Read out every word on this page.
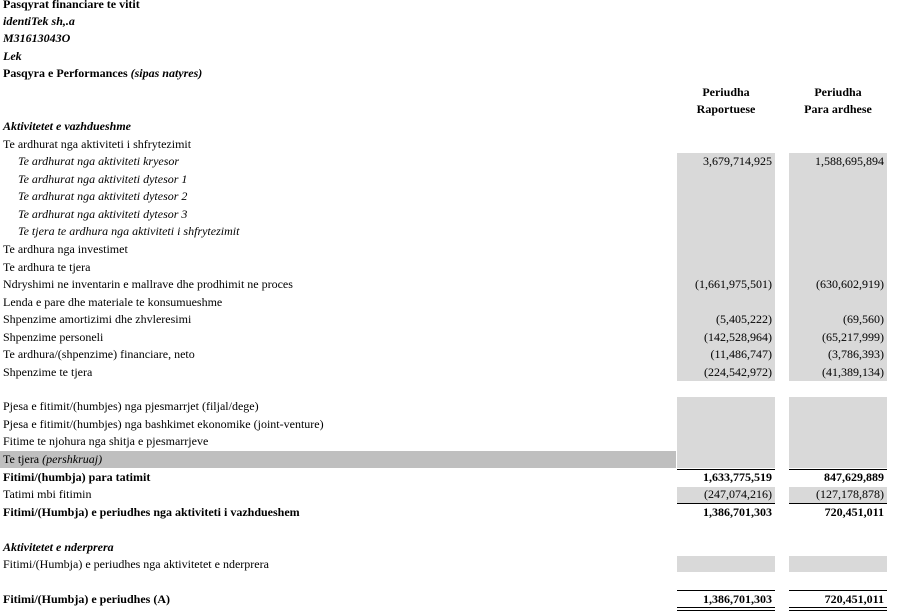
Pasqyrat financiare te vitit
identiTek sh,.a
M31613043O
Lek
Pasqyra e Performances (sipas natyres)
Periudha
Raportuese
Periudha
Para ardhese
Aktivitetet e vazhdueshme
Te ardhurat nga aktiviteti i shfrytezimit
Te ardhurat nga aktiviteti kryesor	3,679,714,925	1,588,695,894
Te ardhurat nga aktiviteti dytesor 1
Te ardhurat nga aktiviteti dytesor 2
Te ardhurat nga aktiviteti dytesor 3
Te tjera te ardhura nga aktiviteti i shfrytezimit
Te ardhura nga investimet
Te ardhura te tjera
Ndryshimi ne inventarin e mallrave dhe prodhimit ne proces	(1,661,975,501)	(630,602,919)
Lenda e pare dhe materiale te konsumueshme
Shpenzime amortizimi dhe zhvleresimi	(5,405,222)	(69,560)
Shpenzime personeli	(142,528,964)	(65,217,999)
Te ardhura/(shpenzime) financiare, neto	(11,486,747)	(3,786,393)
Shpenzime te tjera	(224,542,972)	(41,389,134)
Pjesa e fitimit/(humbjes) nga pjesmarrjet (filjal/dege)
Pjesa e fitimit/(humbjes) nga bashkimet ekonomike (joint-venture)
Fitime te njohura nga shitja e pjesmarrjeve
Te tjera (pershkruaj)
Fitimi/(humbja) para tatimit	1,633,775,519	847,629,889
Tatimi mbi fitimin	(247,074,216)	(127,178,878)
Fitimi/(Humbja) e periudhes nga aktiviteti i vazhdueshem	1,386,701,303	720,451,011
Aktivitetet e nderprera
Fitimi/(Humbja) e periudhes nga aktivitetet e nderprera
Fitimi/(Humbja) e periudhes (A)	1,386,701,303	720,451,011
